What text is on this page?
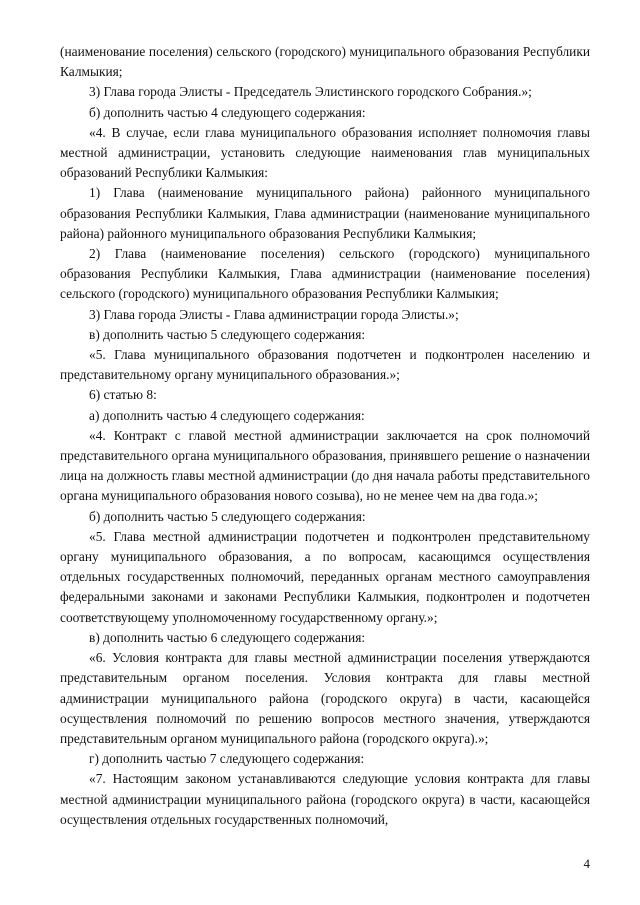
(наименование поселения) сельского (городского) муниципального образования Республики Калмыкия;

3) Глава города Элисты - Председатель Элистинского городского Собрания.»;

б) дополнить частью 4 следующего содержания:

«4. В случае, если глава муниципального образования исполняет полномочия главы местной администрации, установить следующие наименования глав муниципальных образований Республики Калмыкия:

1) Глава (наименование муниципального района) районного муниципального образования Республики Калмыкия, Глава администрации (наименование муниципального района) районного муниципального образования Республики Калмыкия;

2) Глава (наименование поселения) сельского (городского) муниципального образования Республики Калмыкия, Глава администрации (наименование поселения) сельского (городского) муниципального образования Республики Калмыкия;

3) Глава города Элисты - Глава администрации города Элисты.»;

в) дополнить частью 5 следующего содержания:

«5. Глава муниципального образования подотчетен и подконтролен населению и представительному органу муниципального образования.»;

6) статью 8:

а) дополнить частью 4 следующего содержания:

«4. Контракт с главой местной администрации заключается на срок полномочий представительного органа муниципального образования, принявшего решение о назначении лица на должность главы местной администрации (до дня начала работы представительного органа муниципального образования нового созыва), но не менее чем на два года.»;

б) дополнить частью 5 следующего содержания:

«5. Глава местной администрации подотчетен и подконтролен представительному органу муниципального образования, а по вопросам, касающимся осуществления отдельных государственных полномочий, переданных органам местного самоуправления федеральными законами и законами Республики Калмыкия, подконтролен и подотчетен соответствующему уполномоченному государственному органу.»;

в) дополнить частью 6 следующего содержания:

«6. Условия контракта для главы местной администрации поселения утверждаются представительным органом поселения. Условия контракта для главы местной администрации муниципального района (городского округа) в части, касающейся осуществления полномочий по решению вопросов местного значения, утверждаются представительным органом муниципального района (городского округа).»;

г) дополнить частью 7 следующего содержания:

«7. Настоящим законом устанавливаются следующие условия контракта для главы местной администрации муниципального района (городского округа) в части, касающейся осуществления отдельных государственных полномочий,

4
